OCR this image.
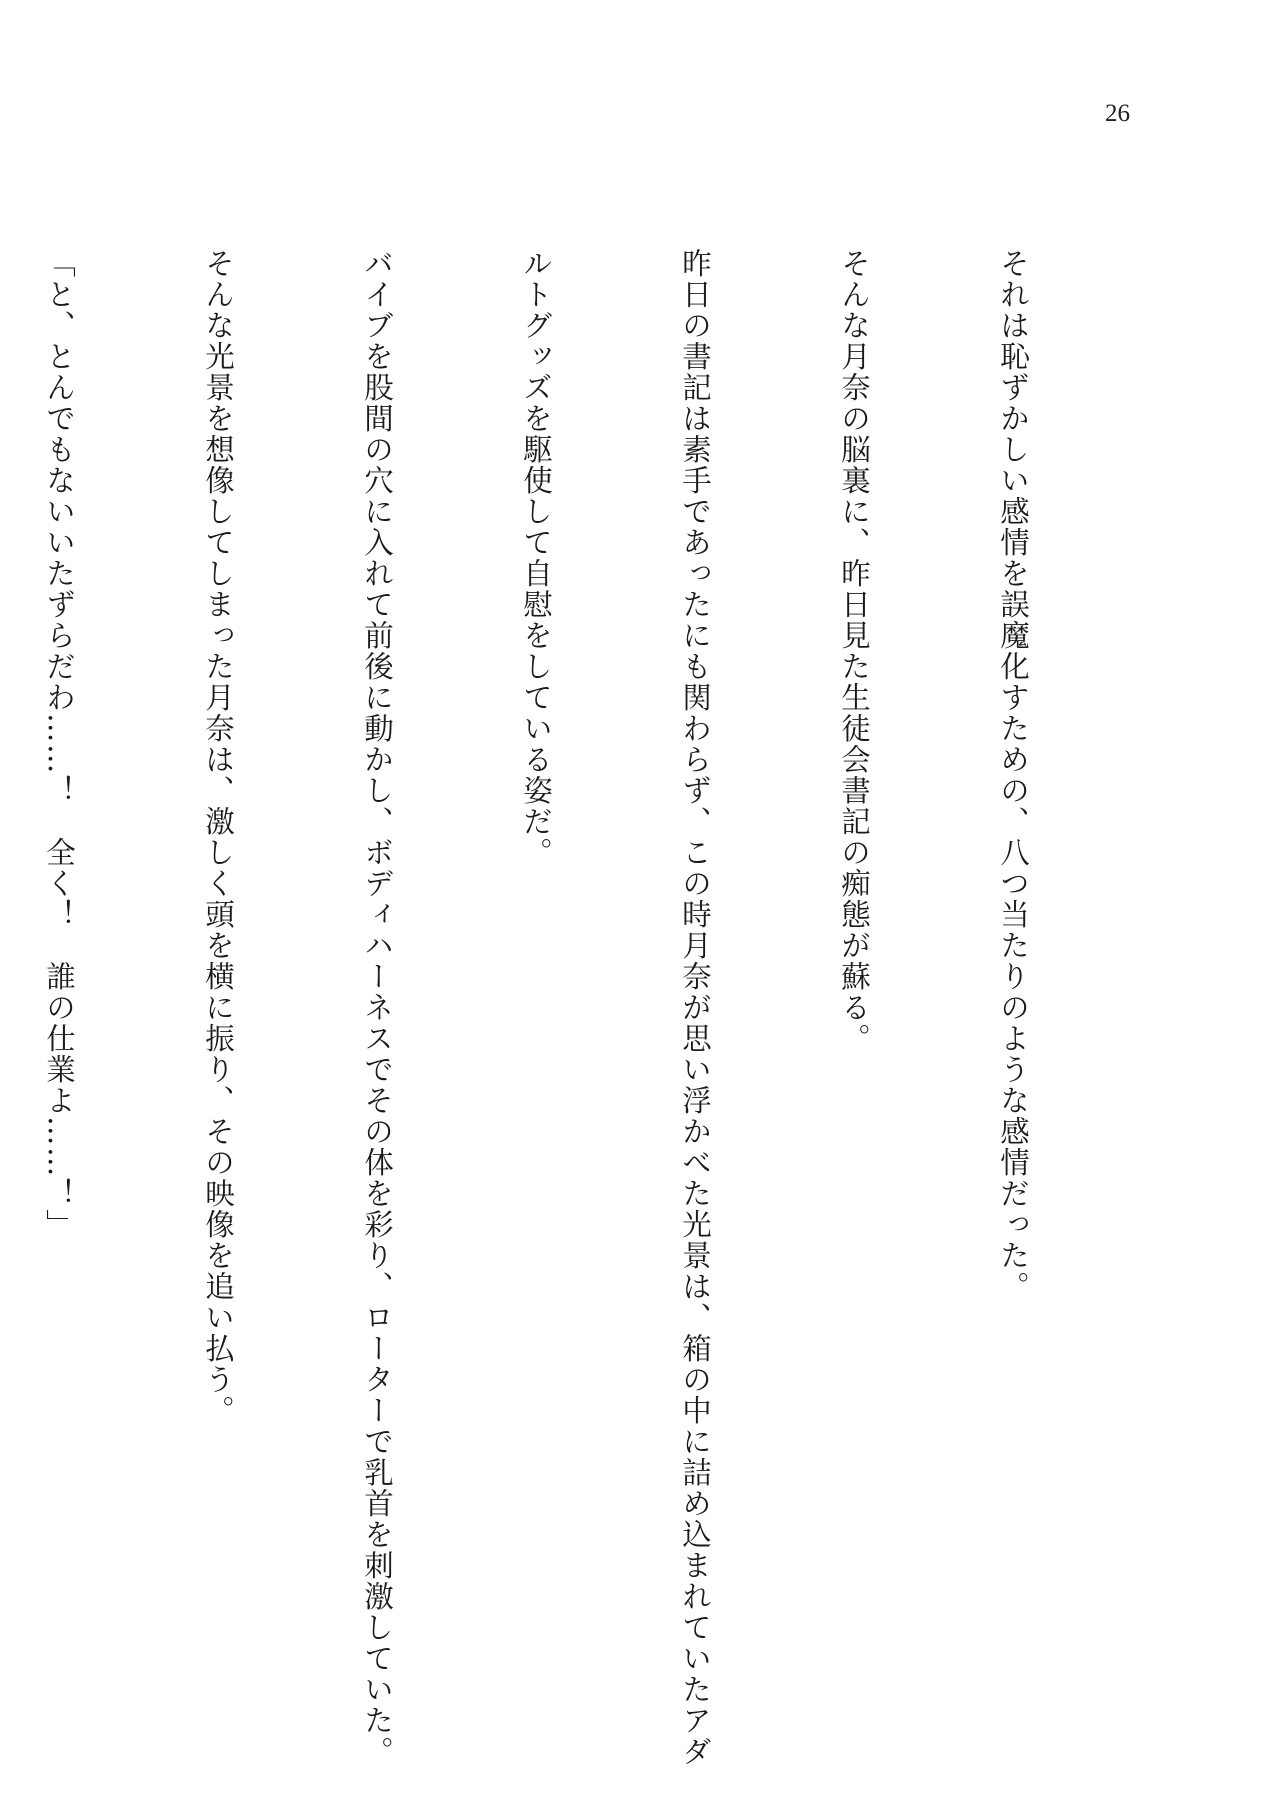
26

それは恥ずかしい感情を誤魔化すための、八つ当たりのような感情だった。

そんな月奈の脳裏に、昨日見た生徒会書記の痴態が蘇る。

昨日の書記は素手であったにも関わらず、この時月奈が思い浮かべた光景は、箱の中に詰め込まれていたアダ

ルトグッズを駆使して自慰をしている姿だ。

バイブを股間の穴に入れて前後に動かし、ボディハーネスでその体を彩り、ローターで乳首を刺激していた。

そんな光景を想像してしまった月奈は、激しく頭を横に振り、その映像を追い払う。

「と、とんでもないいたずらだわ……！　全く！　誰の仕業よ……！」
